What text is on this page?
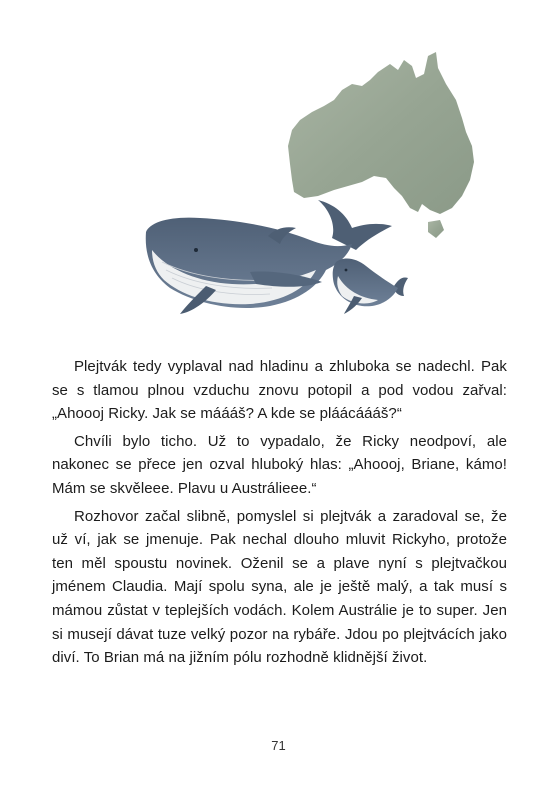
Plejtvák tedy vyplaval nad hladinu a zhluboka se nadechl. Pak se s tlamou plnou vzduchu znovu potopil a pod vodou zařval: „Ahoooj Ricky. Jak se máááš? A kde se pláácáááš?“

Chvíli bylo ticho. Už to vypadalo, že Ricky neodpoví, ale nakonec se přece jen ozval hluboký hlas: „Ahoooj, Briane, kámo! Mám se skvěleee. Plavu u Austrálieee.“

Rozhovor začal slibně, pomyslel si plejtvák a zaradoval se, že už ví, jak se jmenuje. Pak nechal dlouho mluvit Rickyho, protože ten měl spoustu novinek. Oženil se a plave nyní s plejtvačkou jménem Claudia. Mají spolu syna, ale je ještě malý, a tak musí s mámou zůstat v teplejších vodách. Kolem Austrálie je to super. Jen si musejí dávat tuze velký pozor na rybáře. Jdou po plejtvácích jako diví. To Brian má na jižním pólu rozhodně klidnější život.

71
